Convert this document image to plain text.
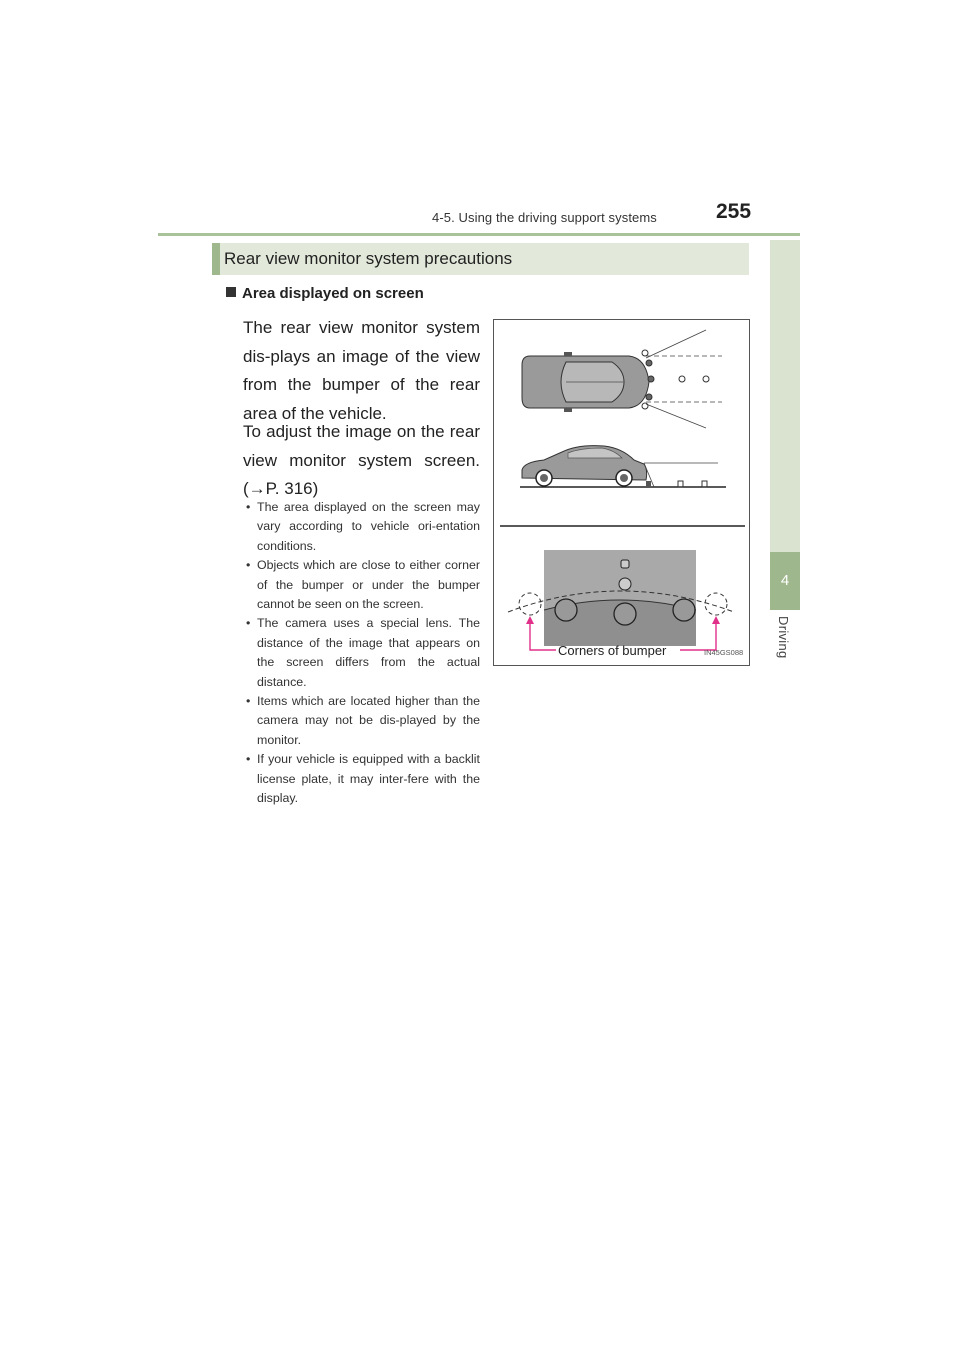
4-5. Using the driving support systems	255
4
Driving
Rear view monitor system precautions
Area displayed on screen
The rear view monitor system dis-plays an image of the view from the bumper of the rear area of the vehicle.
To adjust the image on the rear view monitor system screen. (→P. 316)
• The area displayed on the screen may vary according to vehicle ori-entation conditions.
• Objects which are close to either corner of the bumper or under the bumper cannot be seen on the screen.
• The camera uses a special lens. The distance of the image that appears on the screen differs from the actual distance.
• Items which are located higher than the camera may not be dis-played by the monitor.
• If your vehicle is equipped with a backlit license plate, it may inter-fere with the display.
Corners of bumper	IN45GS088
